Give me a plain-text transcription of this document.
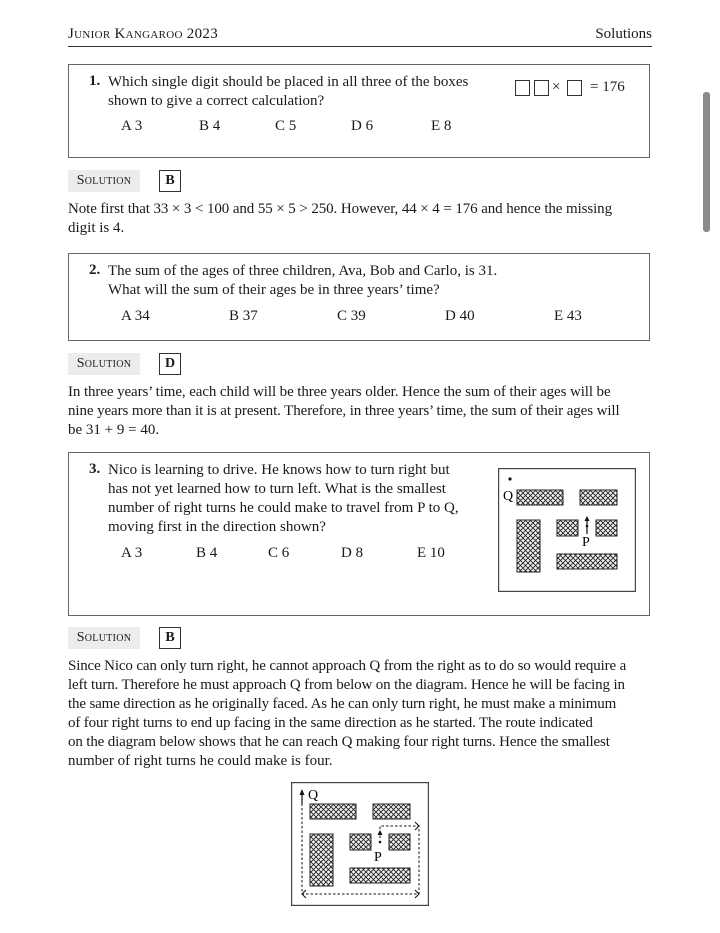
Junior Kangaroo 2023	Solutions
1. Which single digit should be placed in all three of the boxes
shown to give a correct calculation?
A 3	B 4	C 5	D 6	E 8
× = 176
Solution	B
Note first that 33 × 3 < 100 and 55 × 5 > 250. However, 44 × 4 = 176 and hence the missing
digit is 4.
2. The sum of the ages of three children, Ava, Bob and Carlo, is 31.
What will the sum of their ages be in three years’ time?
A 34	B 37	C 39	D 40	E 43
Solution	D
In three years’ time, each child will be three years older. Hence the sum of their ages will be
nine years more than it is at present. Therefore, in three years’ time, the sum of their ages will
be 31 + 9 = 40.
3. Nico is learning to drive. He knows how to turn right but
has not yet learned how to turn left. What is the smallest
number of right turns he could make to travel from P to Q,
moving first in the direction shown?
A 3	B 4	C 6	D 8	E 10
Q
P
Solution	B
Since Nico can only turn right, he cannot approach Q from the right as to do so would require a
left turn. Therefore he must approach Q from below on the diagram. Hence he will be facing in
the same direction as he originally faced. As he can only turn right, he must make a minimum
of four right turns to end up facing in the same direction as he started. The route indicated
on the diagram below shows that he can reach Q making four right turns. Hence the smallest
number of right turns he could make is four.
Q
P
